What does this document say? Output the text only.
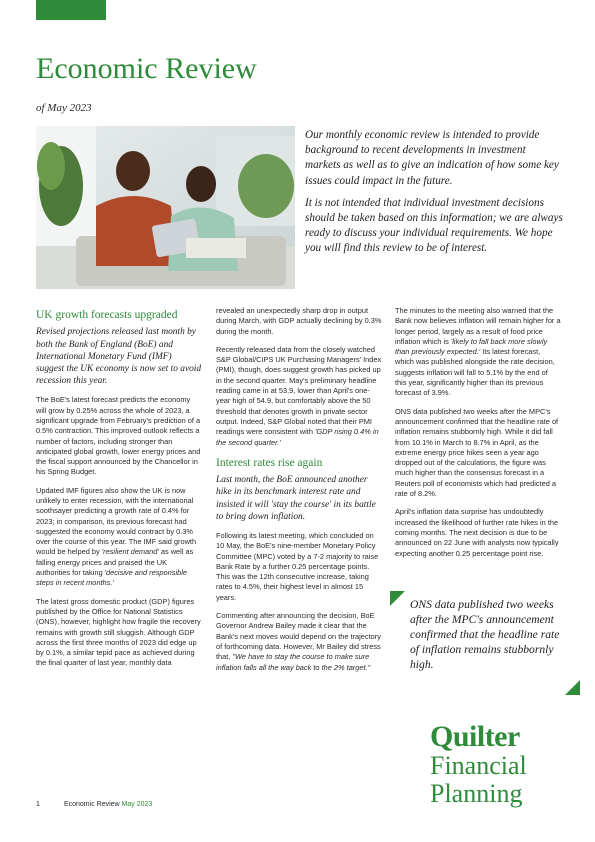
Economic Review
of May 2023

Our monthly economic review is intended to provide background to recent developments in investment markets as well as to give an indication of how some key issues could impact in the future.

It is not intended that individual investment decisions should be taken based on this information; we are always ready to discuss your individual requirements. We hope you will find this review to be of interest.

UK growth forecasts upgraded

Revised projections released last month by both the Bank of England (BoE) and International Monetary Fund (IMF) suggest the UK economy is now set to avoid recession this year.

The BoE's latest forecast predicts the economy will grow by 0.25% across the whole of 2023, a significant upgrade from February's prediction of a 0.5% contraction. This improved outlook reflects a number of factors, including stronger than anticipated global growth, lower energy prices and the fiscal support announced by the Chancellor in his Spring Budget.

Updated IMF figures also show the UK is now unlikely to enter recession, with the international soothsayer predicting a growth rate of 0.4% for 2023; in comparison, its previous forecast had suggested the economy would contract by 0.3% over the course of this year. The IMF said growth would be helped by 'resilient demand' as well as falling energy prices and praised the UK authorities for taking 'decisive and responsible steps in recent months.'

The latest gross domestic product (GDP) figures published by the Office for National Statistics (ONS), however, highlight how fragile the recovery remains with growth still sluggish. Although GDP across the first three months of 2023 did edge up by 0.1%, a similar tepid pace as achieved during the final quarter of last year, monthly data

revealed an unexpectedly sharp drop in output during March, with GDP actually declining by 0.3% during the month.

Recently released data from the closely watched S&P Global/CIPS UK Purchasing Managers' Index (PMI), though, does suggest growth has picked up in the second quarter. May's preliminary headline reading came in at 53.9, lower than April's one-year high of 54.9, but comfortably above the 50 threshold that denotes growth in private sector output. Indeed, S&P Global noted that their PMI readings were consistent with 'GDP rising 0.4% in the second quarter.'

Interest rates rise again

Last month, the BoE announced another hike in its benchmark interest rate and insisted it will 'stay the course' in its battle to bring down inflation.

Following its latest meeting, which concluded on 10 May, the BoE's nine-member Monetary Policy Committee (MPC) voted by a 7-2 majority to raise Bank Rate by a further 0.25 percentage points. This was the 12th consecutive increase, taking rates to 4.5%, their highest level in almost 15 years.

Commenting after announcing the decision, BoE Governor Andrew Bailey made it clear that the Bank's next moves would depend on the trajectory of forthcoming data. However, Mr Bailey did stress that, "We have to stay the course to make sure inflation falls all the way back to the 2% target."

The minutes to the meeting also warned that the Bank now believes inflation will remain higher for a longer period, largely as a result of food price inflation which is 'likely to fall back more slowly than previously expected.' Its latest forecast, which was published alongside the rate decision, suggests inflation will fall to 5.1% by the end of this year, significantly higher than its previous forecast of 3.9%.

ONS data published two weeks after the MPC's announcement confirmed that the headline rate of inflation remains stubbornly high. While it did fall from 10.1% in March to 8.7% in April, as the extreme energy price hikes seen a year ago dropped out of the calculations, the figure was much higher than the consensus forecast in a Reuters poll of economists which had predicted a rate of 8.2%.

April's inflation data surprise has undoubtedly increased the likelihood of further rate hikes in the coming months. The next decision is due to be announced on 22 June with analysts now typically expecting another 0.25 percentage point rise.

ONS data published two weeks after the MPC's announcement confirmed that the headline rate of inflation remains stubbornly high.
Quilter
Financial
Planning
1	Economic Review May 2023
